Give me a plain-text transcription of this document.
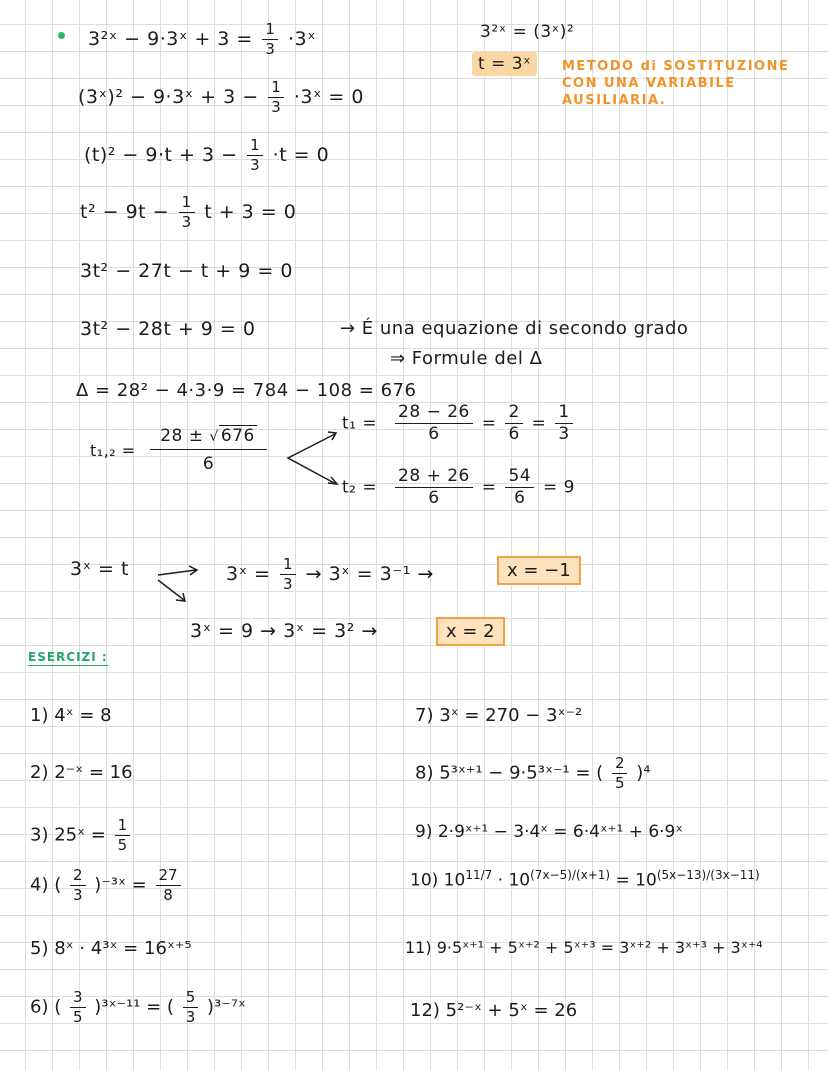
3²ˣ − 9·3ˣ + $3 = \frac{1}{3}$ ·3ˣ	3²ˣ = (3ˣ)²
t = 3ˣ	METODO di SOSTITUZIONE
CON UNA VARIABILE
AUSILIARIA.
(3ˣ)² − 9·3ˣ + $3 - \frac{1}{3}$ ·3ˣ = 0
$(t)^2 - 9\cdot t + 3 - \frac{1}{3} \cdot t = 0$
$t^2 - 9t - \frac{1}{3}$ t + 3 = 0
3t² − 27t − t + 9 = 0
3t² − 28t + 9 = 0	→ É una equazione di secondo grado
⇒ Formule del Δ
Δ = 28² − 4·3·9 = 784 − 108 = 676
$t_1,_2 = \frac{28 \pm √ 676}{6}$
$t_1 = \frac{28 - 26}{6} = \frac{2}{6} = \frac{1}{3}$
$t_2 = \frac{28 + 26}{6} = \frac{54}{6} = 9$
3ˣ = t	3ˣ = $\frac{1}{3}$ → 3ˣ = 3⁻¹ →	x = −1
3ˣ = 9 → 3ˣ = 3² →	x = 2
ESERCIZI :
1) 4ˣ = 8
2) 2⁻ˣ = 16
3) 25ˣ = $\frac{1}{5}$
4) ( $\frac{2}{3}$ )⁻³ˣ = $\frac{27}{8}$
5) 8ˣ · 4³ˣ = 16ˣ⁺⁵
6) ( $\frac{3}{5}$ )³ˣ⁻¹¹ = ( $\frac{5}{3}$ )³⁻⁷ˣ
7) 3ˣ = 270 − 3ˣ⁻²
8) 5³ˣ⁺¹ − 9·5³ˣ⁻¹ = ( $\frac{2}{5} )^4$
9) 2·9ˣ⁺¹ − 3·4ˣ = 6·4ˣ⁺¹ + 6·9ˣ
10) $10^{11/7} \cdot 10^{(7x-5)/(x+1)} = 10^{(5x-13)/(3x-11)}$
11) 9·5ˣ⁺¹ + 5ˣ⁺² + 5ˣ⁺³ = 3ˣ⁺² + 3ˣ⁺³ + 3ˣ⁺⁴
12) 5²⁻ˣ + 5ˣ = 26
